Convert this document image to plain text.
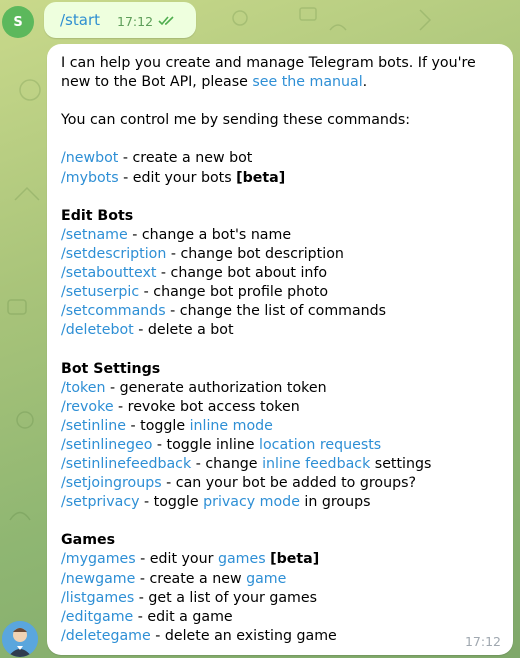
S /start 17:12
I can help you create and manage Telegram bots. If you're new to the Bot API, please see the manual.
You can control me by sending these commands:
/newbot - create a new bot
/mybots - edit your bots [beta]
Edit Bots
/setname - change a bot's name
/setdescription - change bot description
/setabouttext - change bot about info
/setuserpic - change bot profile photo
/setcommands - change the list of commands
/deletebot - delete a bot
Bot Settings
/token - generate authorization token
/revoke - revoke bot access token
/setinline - toggle inline mode
/setinlinegeo - toggle inline location requests
/setinlinefeedback - change inline feedback settings
/setjoingroups - can your bot be added to groups?
/setprivacy - toggle privacy mode in groups
Games
/mygames - edit your games [beta]
/newgame - create a new game
/listgames - get a list of your games
/editgame - edit a game
/deletegame - delete an existing game	17:12
